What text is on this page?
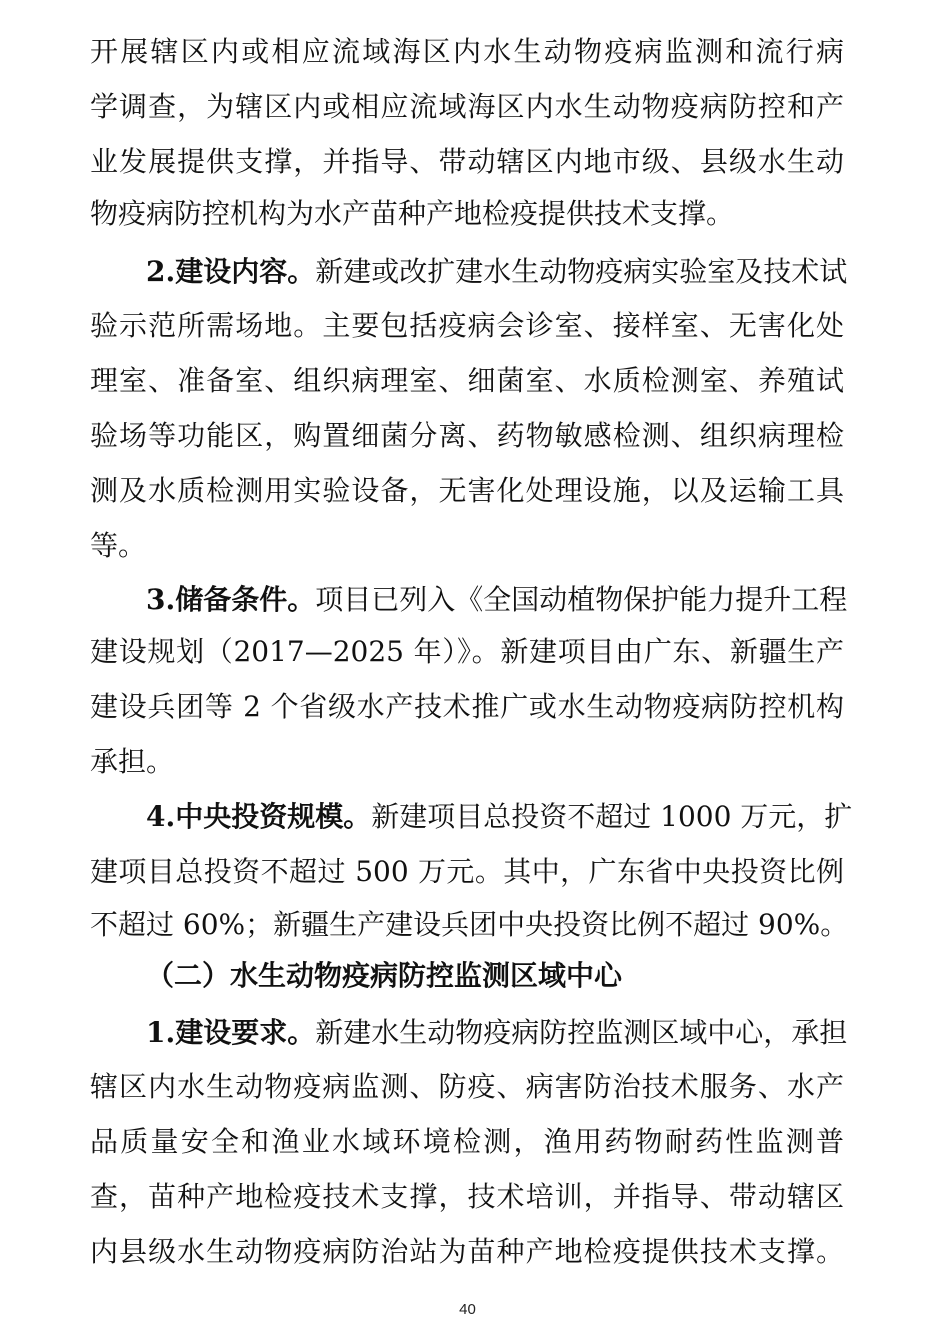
开展辖区内或相应流域海区内水生动物疫病监测和流行病
学调查，为辖区内或相应流域海区内水生动物疫病防控和产
业发展提供支撑，并指导、带动辖区内地市级、县级水生动
物疫病防控机构为水产苗种产地检疫提供技术支撑。
2.建设内容。新建或改扩建水生动物疫病实验室及技术试
验示范所需场地。主要包括疫病会诊室、接样室、无害化处
理室、准备室、组织病理室、细菌室、水质检测室、养殖试
验场等功能区，购置细菌分离、药物敏感检测、组织病理检
测及水质检测用实验设备，无害化处理设施，以及运输工具
等。
3.储备条件。项目已列入《全国动植物保护能力提升工程
建设规划（2017—2025 年）》。新建项目由广东、新疆生产
建设兵团等 2 个省级水产技术推广或水生动物疫病防控机构
承担。
4.中央投资规模。新建项目总投资不超过 1000 万元，扩
建项目总投资不超过 500 万元。其中，广东省中央投资比例
不超过 60%；新疆生产建设兵团中央投资比例不超过 90%。
（二）水生动物疫病防控监测区域中心
1.建设要求。新建水生动物疫病防控监测区域中心，承担
辖区内水生动物疫病监测、防疫、病害防治技术服务、水产
品质量安全和渔业水域环境检测，渔用药物耐药性监测普
查，苗种产地检疫技术支撑，技术培训，并指导、带动辖区
内县级水生动物疫病防治站为苗种产地检疫提供技术支撑。
40
